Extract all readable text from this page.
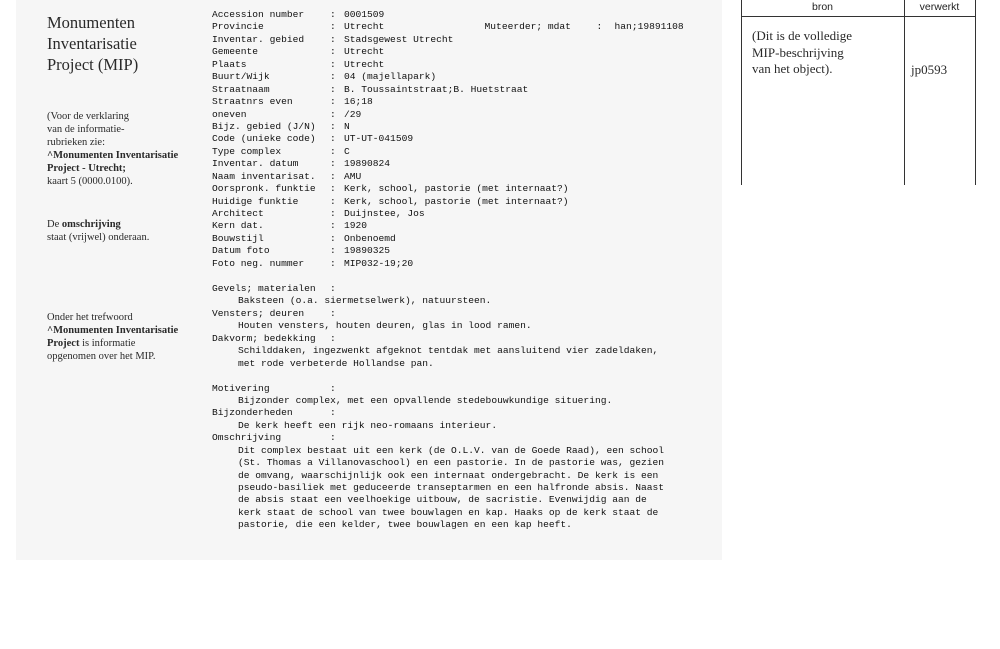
Monumenten
Inventarisatie
Project (MIP)
(Voor de verklaring
van de informatie-
rubrieken zie:
^Monumenten Inventarisatie
Project - Utrecht;
kaart 5 (0000.0100).
De omschrijving
staat (vrijwel) onderaan.
Onder het trefwoord
^Monumenten Inventarisatie
Project is informatie
opgenomen over het MIP.
Accession number	: 0001509
Provincie	: Utrecht
Inventar. gebied	: Stadsgewest Utrecht
Gemeente	: Utrecht
Plaats	: Utrecht
Buurt/Wijk	: 04 (majellapark)
Straatnaam	: B. Toussaintstraat;B. Huetstraat
Straatnrs even	: 16;18
oneven	: /29
Bijz. gebied (J/N) : N
Code (unieke code) : UT-UT-041509
Type complex	: C
Inventar. datum	: 19890824
Naam inventarisat. : AMU
Oorspronk. funktie : Kerk, school, pastorie (met internaat?)
Huidige funktie	: Kerk, school, pastorie (met internaat?)
Architect	: Duijnstee, Jos
Kern dat.	: 1920
Bouwstijl	: Onbenoemd
Datum foto	: 19890325
Foto neg. nummer	: MIP032-19;20

Muteerder; mdat	: han;19891108

Gevels; materialen :
Baksteen (o.a. siermetselwerk), natuursteen.
Vensters; deuren	:
Houten vensters, houten deuren, glas in lood ramen.
Dakvorm; bedekking :
Schilddaken, ingezwenkt afgeknot tentdak met aansluitend vier zadeldaken,
met rode verbeterde Hollandse pan.
Motivering	:
Bijzonder complex, met een opvallende stedebouwkundige situering.
Bijzonderheden	:
De kerk heeft een rijk neo-romaans interieur.
Omschrijving	:
Dit complex bestaat uit een kerk (de O.L.V. van de Goede Raad), een school
(St. Thomas a Villanovaschool) en een pastorie. In de pastorie was, gezien
de omvang, waarschijnlijk ook een internaat ondergebracht. De kerk is een
pseudo-basiliek met geduceerde transeptarmen en een halfronde absis. Naast
de absis staat een veelhoekige uitbouw, de sacristie. Evenwijdig aan de
kerk staat de school van twee bouwlagen en kap. Haaks op de kerk staat de
pastorie, die een kelder, twee bouwlagen en een kap heeft.
bron	verwerkt
(Dit is de volledige
MIP-beschrijving
van het object).	jp0593
